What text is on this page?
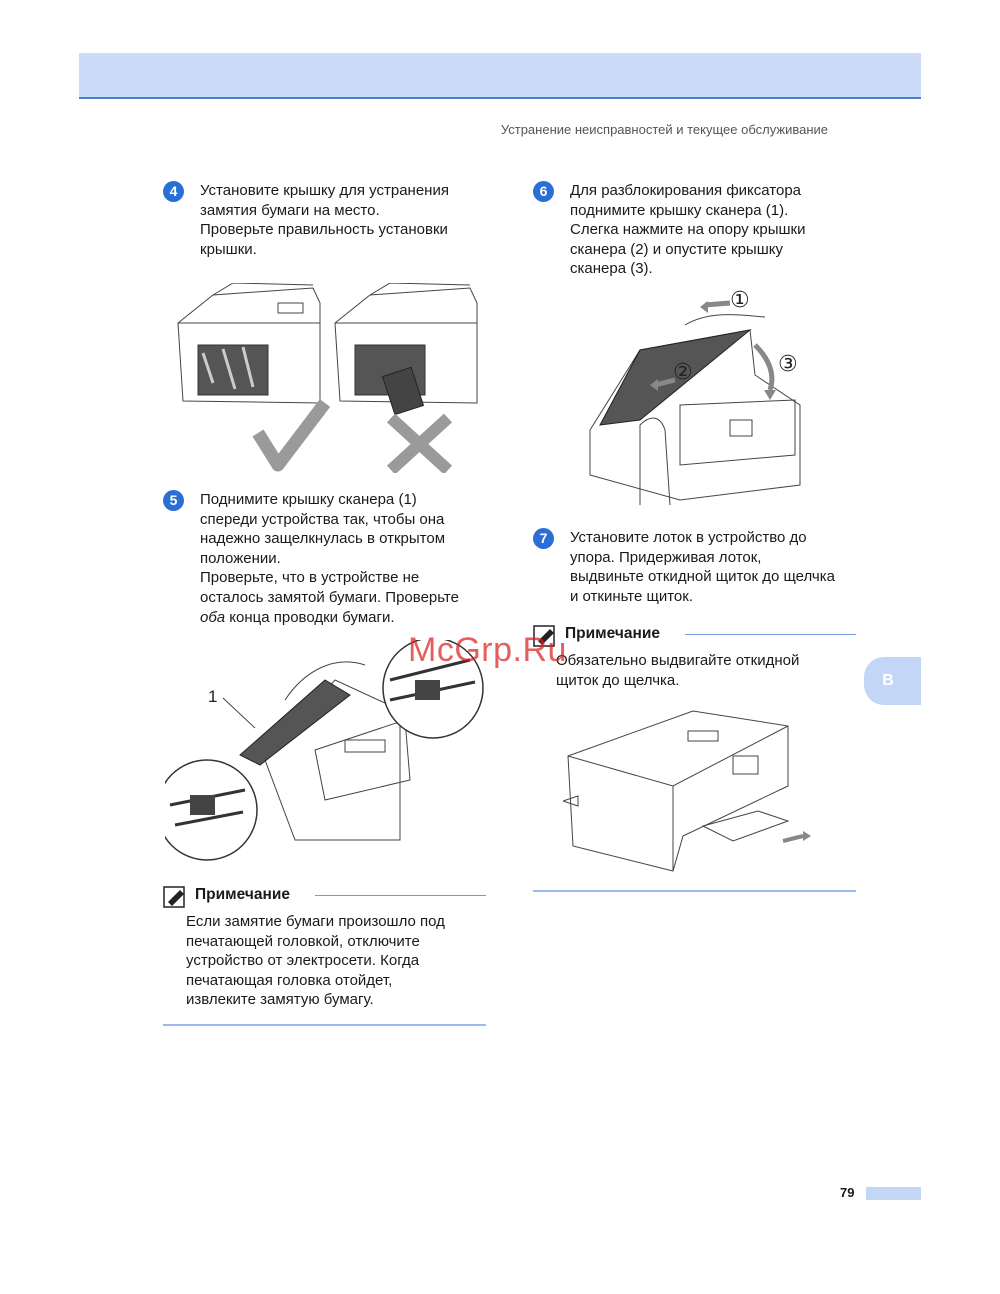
Устранение неисправностей и текущее обслуживание
4	Установите крышку для устранения

замятия бумаги на место.

Проверьте правильность установки

крышки.

5	Поднимите крышку сканера (1)

спереди устройства так, чтобы она

надежно защелкнулась в открытом

положении.

Проверьте, что в устройстве не

осталось замятой бумаги. Проверьте

оба конца проводки бумаги.

1
Примечание
Если замятие бумаги произошло под
печатающей головкой, отключите
устройство от электросети. Когда
печатающая головка отойдет,
извлеките замятую бумагу.
6	Для разблокирования фиксатора

поднимите крышку сканера (1).

Слегка нажмите на опору крышки

сканера (2) и опустите крышку

сканера (3).

①
②	③
7	Установите лоток в устройство до

упора. Придерживая лоток,

выдвиньте откидной щиток до щелчка

и откиньте щиток.

Примечание
Обязательно выдвигайте откидной
щиток до щелчка.	B
McGrp.Ru
79
